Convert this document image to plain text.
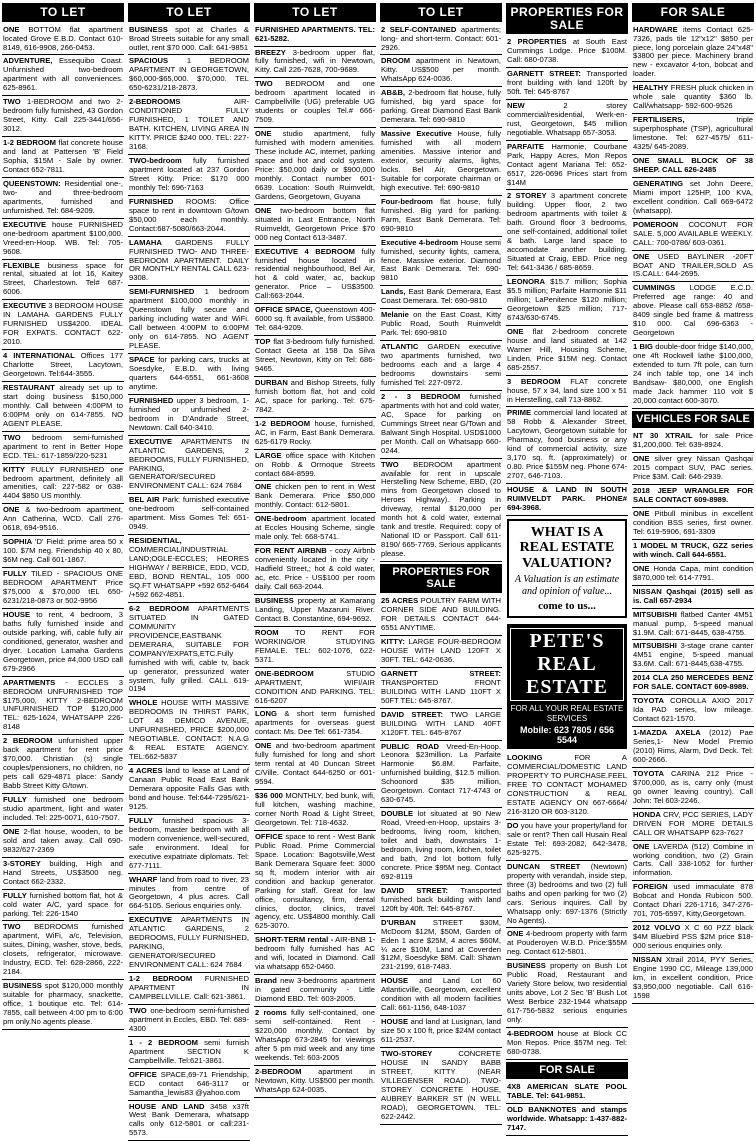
TO LET
ONE BOTTOM flat apartment located Grove E.B.D. Contact 610-8149, 616-9908, 266-0453.
ADVENTURE, Essequibo Coast. Unfurnished two-bedroom apartment with all conveniences. 625-8961.
TWO 1-BEDROOM and two 2-bedroom fully furnished, 43 Gordon Street, Kitty. Call 225-3441/656-3012.
1-2 BEDROOM flat concrete house and land at Pattersen 'B' Field Sophia, $15M - Sale by owner. Contact 652-7811.
QUEENSTOWN: Residential one-, two- and three-bedroom apartments, furnished and unfurnished. Tel: 684-9209.
EXECUTIVE house FURNISHED one-bedroom apartment $100,000. Vreed-en-Hoop. WB. Tel: 705-9608.
FLEXIBLE business space for rental, situated at lot 16, Kaitey Street, Charlestown. Tel# 687-6006.
EXECUTIVE 3 BEDROOM HOUSE IN LAMAHA GARDENS FULLY FURNISHED US$4200. IDEAL FOR EXPATS. CONTACT 622-2010.
4 INTERNATIONAL Offices 177 Charlotte Street, Lacytown, Georgetown. Tel:644-3555.
RESTAURANT already set up to start doing business $150,000 monthly. Call between 4:00PM to 6:00PM only on 614-7855. NO AGENT PLEASE.
TWO bedroom semi-furnished apartment to rent in Better Hope ECD. TEL: 617-1859/220-5231
KITTY FULLY FURNISHED one bedroom apartment, definitely all amenities, call: 227-582 or 638-4404 $850 US monthly.
ONE & two-bedroom apartment, Ann Catherina, WCD. Call 276-0618, 694-9516.
SOPHIA 'D' Field: prime area 50 x 100. $7M neg. Friendship 40 x 80, $6M neg. Call 601-1867.
FULLY TILED - SPACIOUS ONE BEDROOM APARTMENT Price $75,000 & $70,000 tEL 650-6231/218-0873 or 502-9956
HOUSE to rent, 4 bedroom, 3 baths fully furnished inside and outside parking, wifi, cable fully air conditioned, generator, washer and dryer. Location Lamaha Gardens Georgetown, price #4,000 USD call 679-2966
APARTMENTS - ECCLES 3 BEDROOM UNFURNISHED TOP $175,000, KITTY 2-BEDROOM UNFURNISHED TOP $120,000 TEL: 625-1624, WHATSAPP 226-8148
2 BEDROOM unfurnished upper back apartment for rent price $70,000. Christian (s) single couples/pensioners, no children, no pets call 629-4871 place: Sandy Babb Street Kitty G/town.
FULLY furnished one bedroom studio apartment, light and water included. Tel: 225-0071, 610-7507.
ONE 2-flat house, wooden, to be sold and taken away. Call 690-9832/627-2369
3-STOREY building, High and Hand Streets, US$3500 neg. Contact 662-2332.
FULLY furnished bottom flat, hot & cold water A/C, yard space for parking. Tel: 226-1540
TWO BEDROOMS furnished apartment, WiFi, a/c, Television, suites, Dining, washer, stove, beds, closets, refrigerator, microwave. Industry, ECD. Tel: 628-2866, 222-2184.
BUSINESS spot $120,000 monthly suitable for pharmacy, snackette, office, 1 boutique etc. Tel: 614-7855, call between 4:00 pm to 6:00 pm only.No agents please.
TO LET
BUSINESS spot at Charles & Broad Streets suitable for any small outlet, rent $70 000. Call: 641-9851
SPACIOUS 1 BEDROOM APARTMENT IN GEORGETOWN, $60,000-$65,000. $70,000. TEL 650-6231/218-2873.
2-BEDROOMS	AIR-CONDITIONED FULLY FURNISHED, 1 TOILET AND BATH. KITCHEN, LIVING AREA IN KITTY. PRICE $240 000. TEL: 227-3168.
TWO-bedroom fully furnished apartment located at 237 Gordon Street Kitty. Price: $170 000 monthly Tel: 696-7163
FURNISHED ROOMS: Office space to rent in downtown G/town $50,000 each monthly. Contact:687-5080/663-2044.
LAMAHA GARDENS FULLY FURNISHED TWO- AND THREE-BEDROOM APARTMENT. DAILY OR MONTHLY RENTAL CALL 623-9308.
SEMI-FURNISHED 1 bedroom apartment $100,000 monthly in Queenstown fully secure and parking including water and WiFi. Call between 4:00PM to 6:00PM only on 614-7855. NO AGENT PLEASE.
SPACE for parking cars, trucks at Soesdyke, E.B.D. with living quarters 644-6551, 661-3608 anytime.
FURNISHED upper 3 bedroom, 1-furnished or unfurnished 2-bedroom in D'Andrade Street, Newtown. Call 640-3410.
EXECUTIVE APARTMENTS IN ATLANTIC GARDENS, 2 BEDROOMS, FULLY FURNISHED, PARKING, GENERATOR/SECURED ENVIRONMENT CALL: 624 7684
BEL AIR Park: furnished executive one-bedroom self-contained apartment. Miss Gomes Tel: 651-0949.
RESIDENTIAL, COMMERCIAL/INDUSTRIAL LAND;OGLE-ECCLES; HEORES HIGHWAY / BERBICE, EDD, VCD, EBD, BOND RENTAL, 105 000 SQ.FT WHATSAPP +592 652-6464 /+592 662-4851.
6-2 BEDROOM APARTMENTS SITUATED IN GATED COMMUNITY PROVIDENCE,EASTBANK DEMERARA, SUITABLE FOR COMPANY/EXPATS,ETC.Fully furnished with wifi, cable tv, back up generator, pressurized water system, fully grilled. CALL 619-0194
WHOLE HOUSE WITH MASSIVE BEDROOMS IN THIRST PARK, LOT 43 DEMICO AVENUE, UNFURNISHED, PRICE $200,000 NEGOTIABLE. CONTACT: N.A.G & REAL ESTATE AGENCY. TEL:662-5837
4 ACRES land to lease at Land of Canaan Public Road East Bank Demerara opposite Falls Gas with bond and house. Tel:644-7295/621-9125.
FULLY furnished spacious 3-bedroom, master bedroom with all modern convenience, well-secured, safe environment. Ideal for executive expatriate diplomats. Tel: 677-7111.
WHARF land from road to river, 23 minutes from centre of Georgetown, 4 plus acres. Call 664-5105. Serious enquiries only.
EXECUTIVE APARTMENTS IN ATLANTIC GARDENS, 2 BEDROOMS, FULLY FURNISHED, PARKING, GENERATOR/SECURED ENVIRONMENT CALL: 624 7684
1-2 BEDROOM FURNISHED APARTMENT IN CAMPBELLVILLE. Call: 621-3861.
TWO one-bedroom semi-furnished apartment in Eccles, EBD. Tel: 689-4300
1 - 2 BEDROOM semi furnish Apartment SECTION K Campbellville. Tel:621-3861.
OFFICE SPACE,69-71 Friendship, ECD contact 646-3117 or Samantha_lewis83 @yahoo.com
HOUSE AND LAND 3458 x37ft West Bank Demerara, whatsapp calls only 612-5801 or call:231-5573.
TO LET
FURNISHED APARTMENTS. TEL: 621-5282.
BREEZY 3-bedroom upper flat, fully furnished, wifi in Newtown, Kitty. Call 226-7628, 700-9689.
TWO BEDROOM and one bedroom apartment located in Campbellville (UG) preferable UG students or couples Tel.# 666-7509.
ONE studio apartment, fully furnished with modern amenities. These include AC, internet, parking space and hot and cold system. Price: $50,000 daily or $900,000 monthly. Contact number 601-6639. Location: South Ruimveldt, Gardens, Georgetown, Guyana
ONE two-bedroom bottom flat situated in Last Entrance, North Ruimveldt, Georgetown Price $70 000 neg Contact 613-3487.
EXECUTIVE 4 BEDROOM fully furnished house located in residential neighbourhood, Bel Air, hot & cold water, ac, backup generator. Price – US$3500. Call:663-2044.
OFFICE SPACE, Queenstown 400-6000 sq. ft available, from US$800. Tel: 684-9209.
TOP flat 3-bedroom fully furnished. Contact Geeta at 158 Da Silva Street, Newtown, Kitty on Tel: 686-9465.
DURBAN and Bishop Streets, fully furnish bottom flat, hot and cold AC, space for parking. Tel: 675-7842.
1-2 BEDROOM house, furnished, AC, in Farm, East Bank Demerara. 625-6179 Rocky.
LARGE office space with Kitchen on Robb & Orrnoque Streets contact 684-8599.
ONE chicken pen to rent in West Bank Demerara. Price $50,000 monthly. Contact: 612-5801.
ONE-bedroom apartment located at Eccles Housing Scheme, single male only. Tel: 668-5741.
FOR RENT AIRBNB - cozy Airbnb conveniently located in the city - Hadfield Street,; hot & cold water, ac, etc. Price - US$100 per room daily. Call 663-2044.
BUSINESS property at Kamarang Landing, Upper Mazaruni River. Contact B. Constantine, 694-9692.
ROOM TO RENT FOR WORKING/OR STUDYING FEMALE. TEL: 602-1076, 622-5371.
ONE-BEDROOM	STUDIO APARTMENT, WIFI/AIR CONDITION AND PARKING. TEL: 616-6207
LONG & short term furnished apartments for overseas guest contact: Ms. Dee Tel: 661-7354.
ONE and two-bedroom apartment fully furnished for long and short term rental at 40 Duncan Street C/Ville. Contact 644-6250 or 601-9594.
$36 000 MONTHLY, bed bunk, wifi, full kitchen, washing machine, corner North Road & Light Street, Georgetown. Tel: 718-4632.
OFFICE space to rent - West Bank Public Road. Prime Commercial Space. Location: Bagotsville,West Bank Demerara Square feet: 3000 sq ft, modern interior with air condition and backup generator. Parking for staff. Great for law office, consultancy, firm, dental clinics, doctor, clinics, travel agency, etc. US$4800 monthly. Call 625-3070.
SHORT-TERM rental - AIR-BNB 1-bedroom fully furnished has AC and wifi, located in Diamond. Call via whatsapp 652-0460.
Brand new 3-bedrooms apartment in gated community - Little Diamond EBD. Tel: 603-2005.
2 rooms fully self-contained, one semi self-contained. Rent - $220,000 monthly. Contact by WhatsApp 673-2845 for viewings after 5 pm mid week and any time weekends. Tel: 603-2005
2-BEDROOM apartment in Newtown, Kitty. US$500 per month. WhatsApp 624-0035.
TO LET
2 SELF-CONTAINED apartments; long- and short-term. Contact: 601-2926.
DROOM apartment in Newtown, Kitty. US$500 per month. WhatsApp 624-0036.
AB&B, 2-bedroom flat house, fully furnished, big yard space for parking. Great Diamond East Bank Demerara. Tel: 690-9810
Massive Executive House, fully furnished with all modern amenities. Massive interior and exterior, security alarms, lights, locks. Bel Air, Georgetown. Suitable for corporate chairman or high executive. Tel: 690-9810
Four-bedroom flat house, fully furnished. Big yard for parking. Farm, East Bank Demerara. Tel: 690-9810
Executive 4-bedroom House semi furnished, security lights, camera, fence. Massive exterior. Diamond East Bank Demerara. Tel: 690-9810
Lands, East Bank Demerara, East Coast Demerara. Tel: 690-9810
Melanie on the East Coast, Kitty Public Road, South Ruimveldt Park. Tel: 690-9810
ATLANTIC GARDEN executive two apartments furnished, two bedrooms each and a large 4 bedrooms downstairs semi furnished Tel: 227-0972.
2 - 3 BEDROOM furnished apartments with hot and cold water, AC, Space for parking on Cummings Street near G/Town and Balwant Singh Hospital. USD$1000 per Month. Call on Whatsapp 660-0244.
TWO BEDROOM apartment available for rent in upscale Herstelling New Scheme, EBD, (20 mins from Georgetown closed to Heroes Highway). Parking in driveway, rental $120,000 per month hot & cold water, external tank and trestle. Required: copy of National ID or Passport. Call 611-8190/ 665-7769. Serious applicants please.
PROPERTIES FOR SALE
25 ACRES POULTRY FARM WITH CORNER SIDE AND BUILDING. FOR DETAILS CONTACT 644-6551 ANYTIME.
KITTY: LARGE FOUR-BEDROOM HOUSE WITH LAND 120FT X 30FT. TEL: 642-0636.
GARNETT STREET: TRANSPORTED FRONT BUILDING WITH LAND 110FT X 50FT TEL: 645-8767.
DAVID STREET: TWO LARGE BUILDING WITH LAND 40FT X120FT. TEL: 645-8767
PUBLIC ROAD Vreed-En-Hoop. Leonora $23million. La Parfaite Harmonie $6.8M. Parfaite, unfurnished building, $12.5 million. Schoonord $35 million, Georgetown. Contact 717-4743 or 630-6745.
DOUBLE lot situated at 90 New Road, Vreed-en-Hoop, upstairs 3-bedrooms, living room, kitchen, toilet and bath, downstairs 1-bedroom, living room, kitchen, toilet and bath, 2nd lot bottom fully concrete. Price $95M neg. Contact 692-8119
DAVID STREET: Transported furnished back building with land 120ft by 40ft. Tel: 645-8767.
D'URBAN STREET $30M, McDoom $12M, $50M, Garden of Eden 1 acre $25M, 4 acres $60M, ¼ acre $10M, Land at Coverden $12M, Soesdyke $8M. Call: Shawn 231-2199, 618-7483.
HOUSE and Land Lot 60 Atlanticville, Georgetown, excellent condition with all modern facilities Call: 661-1156, 648-1037
HOUSE and land at Lusignan, land size 50 x 100 ft, price $24M contact 611-2537.
TWO-STOREY	CONCRETE HOUSE IN SANDY BABB STREET, KITTY (NEAR VILLEGENSER ROAD). TWO-STOREY CONCRETE HOUSE, AUBREY BARKER ST (N WELL ROAD), GEORGETOWN. TEL: 622-2442.
PROPERTIES FOR SALE
2 PROPERTIES at South East Cummings Lodge. Price $100M. Call: 680-0738.
GARNETT STREET: Transported front building with land 120ft by 50ft. Tel: 645-8767
NEW	2 storey commercial/residential, Werk-en-rust, Georgetown, $45 million negotiable. Whatsapp 657-3053.
PARFAITE Harmonie, Courbane Park, Happy Acres, Mon Repos Contact agent Mariana Tel: 652-6517, 226-0696 Prices start from $14M
2 STOREY 3 apartment concrete building. Upper floor, 2 two bedroom apartments with toilet & bath. Ground floor 3 bedrooms, one self-contained, additional toilet & bath. Large land space to accomodate another building. Situated at Craig, EBD. Price neg Tel: 641-3436 / 685-8659.
LEONORA $15.7 million; Sophia $5.5 million; Parfaite Harmonie $11 million; LaPenitence $120 million; Georgetown $25 million; 717-6743/630-6745.
ONE flat 2-bedroom concrete house and land situated at 142 Warner Hill, Housing Scheme, Linden. Price $15M neg. Contact 685-2557.
3 BEDROOM FLAT concrete house, 57 x 34, land size 100 x 51 in Herstelling, call 713-8862.
PRIME commercial land located at 58 Robb & Alexander Street, Lacytown, Georgetown suitable for Pharmacy, food business or any kind of commercial activity, size 3,170 sq. ft. (approximately) or 0.80. Price $155M neg. Phone 674-2707, 646-7103.
HOUSE & LAND IN SOUTH RUIMVELDT PARK. PHONE# 694-3968.
WHAT IS A REAL ESTATE VALUATION?
A Valuation is an estimate and opinion of value...
come to us...
PETE'S REAL ESTATE
FOR ALL YOUR REAL ESTATE SERVICES
Mobile: 623 7805 / 656 5544
LOOKING	FOR A COMMERCIAL/DOMESTIC LAND PROPERTY TO PURCHASE.FEEL FREE TO CONTACT MOHAMED CONSTRUCTION & REAL ESTATE AGENCY ON 667-6664/ 216-3120 OR 603-3120.
DO you have your property/land for sale or rent? Then call Husain Real Estate Tel: 693-2082, 642-3478, 625-9275.
DUNCAN STREET (Newtown) property with verandah, inside step, three (3) bedrooms and two (2) full baths and open parking for two (2) cars. Serious inquires. Call by Whatsapp only: 697-1376 (Strictly No Agents).
ONE 4-bedroom property with farm at Pouderoyen W.B.D. Price:$55M neg. Contact 612-5801.
BUSINESS property on Bush Lot Public Road, Restaurant and Variety Store below, two residential units above, Lot 2 Sec 'B' Bush Lot West Berbice 232-1944 whatsapp 617-756-5832 serious enquiries only.
4-BEDROOM house at Block CC Mon Repos. Price $57M neg. Tel: 680-0738.
FOR SALE
4X8 AMERICAN SLATE POOL TABLE. Tel: 641-9851.
OLD BANKNOTES and stamps worldwide. Whatsapp: 1-437-882-7147.
FOR SALE
HARDWARE items Contact 625-7326, pads tile 12"x12" $850 per piece, long porcelain glaze 24"x48" $3800 per piece. Machinery brand new - excavator 4-ton, bobcat and loader.
HEALTHY FRESH pluck chicken in whole sale quantity $360 lb. Call/whatsapp- 592-600-9526
FERTILISERS,	triple superphosphate (TSP), agricultural limestone. Tel: 627-4575/ 611-4325/ 645-2089.
ONE SMALL BLOCK OF 38 SHEEP. CALL 626-2485
GENERATING set John Deere, Miami import 125HP, 100 KVA, excellent condition. Call 669-6472 (whatsapp).
POMEROON COCONUT FOR SALE. 5,000 AVAILABLE WEEKLY. CALL: 700-0786/ 603-0361.
ONE USED BAYLINER -20FT BOAT AND TRAILER,SOLD AS IS.CALL: 644-2695.
CUMMINGS LODGE E.C.D. Preferred age range: 40 and above. Please call 653-8852 /658-8409 single bed frame & mattress $10 000. Cal 696-6363 - Georgetown
1 BIG double-door fridge $140,000, one 4ft Rockwell lathe $100,000, extended to turn 7ft pole, can turn 24 inch table top, one 14 inch Bandsaw- $80,000, one English made Jack hammer 110 volt $ 20,000 contact 600-3070.
VEHICLES FOR SALE
NT 30 XTRAIL for sale Price $1,200,000. Tel: 639-8924.
ONE silver grey Nissan Qashqai 2015 compact SUV, PAC series. Price $3M. Call: 646-2939.
2018 JEEP WRANGLER FOR SALE CONTACT 609-8989.
ONE Pitbull minibus in excellent condition BSS series, first owner. Tel: 619-5906, 691-3309
1 MODEL M TRUCK, GZZ series with winch. Call 644-6551.
ONE Honda Capa, mint condition $870,000 tel: 614-7791.
NISSAN Qashqai (2015) sell as is. Call 657-2934
MITSUBISHI flatbed Canter 4M51 manual pump, 5-speed manual $1.9M. Call: 671-8445, 638-4755.
MITSUBISHI 3-stage crane canter 4M51 engine, 5-speed manual $3.6M. Call: 671-8445,638-4755.
2014 CLA 250 MERCEDES BENZ FOR SALE. CONTACT 609-8989.
TOYOTA COROLLA AXIO 2017 Ida PAD series, low mileage. Contact 621-1570.
1-MAZDA AXELA (2012) Pae Series,1- New Model Premio (2010) Rims, Alarm, Dvd Deck. Tel: 600-2666.
TOYOTA CARINA 212 Price - $700,000, as is, carry only (must go owner leaving country). Call John: Tel 603-2246.
HONDA CRV, PCC SERIES, LADY DRIVEN FOR MORE DETAILS CALL OR WHATSAPP 623-7627
ONE LAVERDA (512) Combine in working condition, two (2) Grain Carts. Call 338-1052 for further information.
FOREIGN used immaculate 878 Bobcat and Honda Rubicon 500. Contact Dhari 226-1716, 347-276-701, 705-6597, Kitty,Georgetown.
2012 VOLVO X C 60 PZZ black $4M Bluebird PSS $2M price $18-000 serious enquiries only.
NISSAN Xtrail 2014, PYY Series, Engine 1990 CC, Mileage 139,000 km, in excellent condition, Price $3,950,000 negotiable. Call 616-1598
